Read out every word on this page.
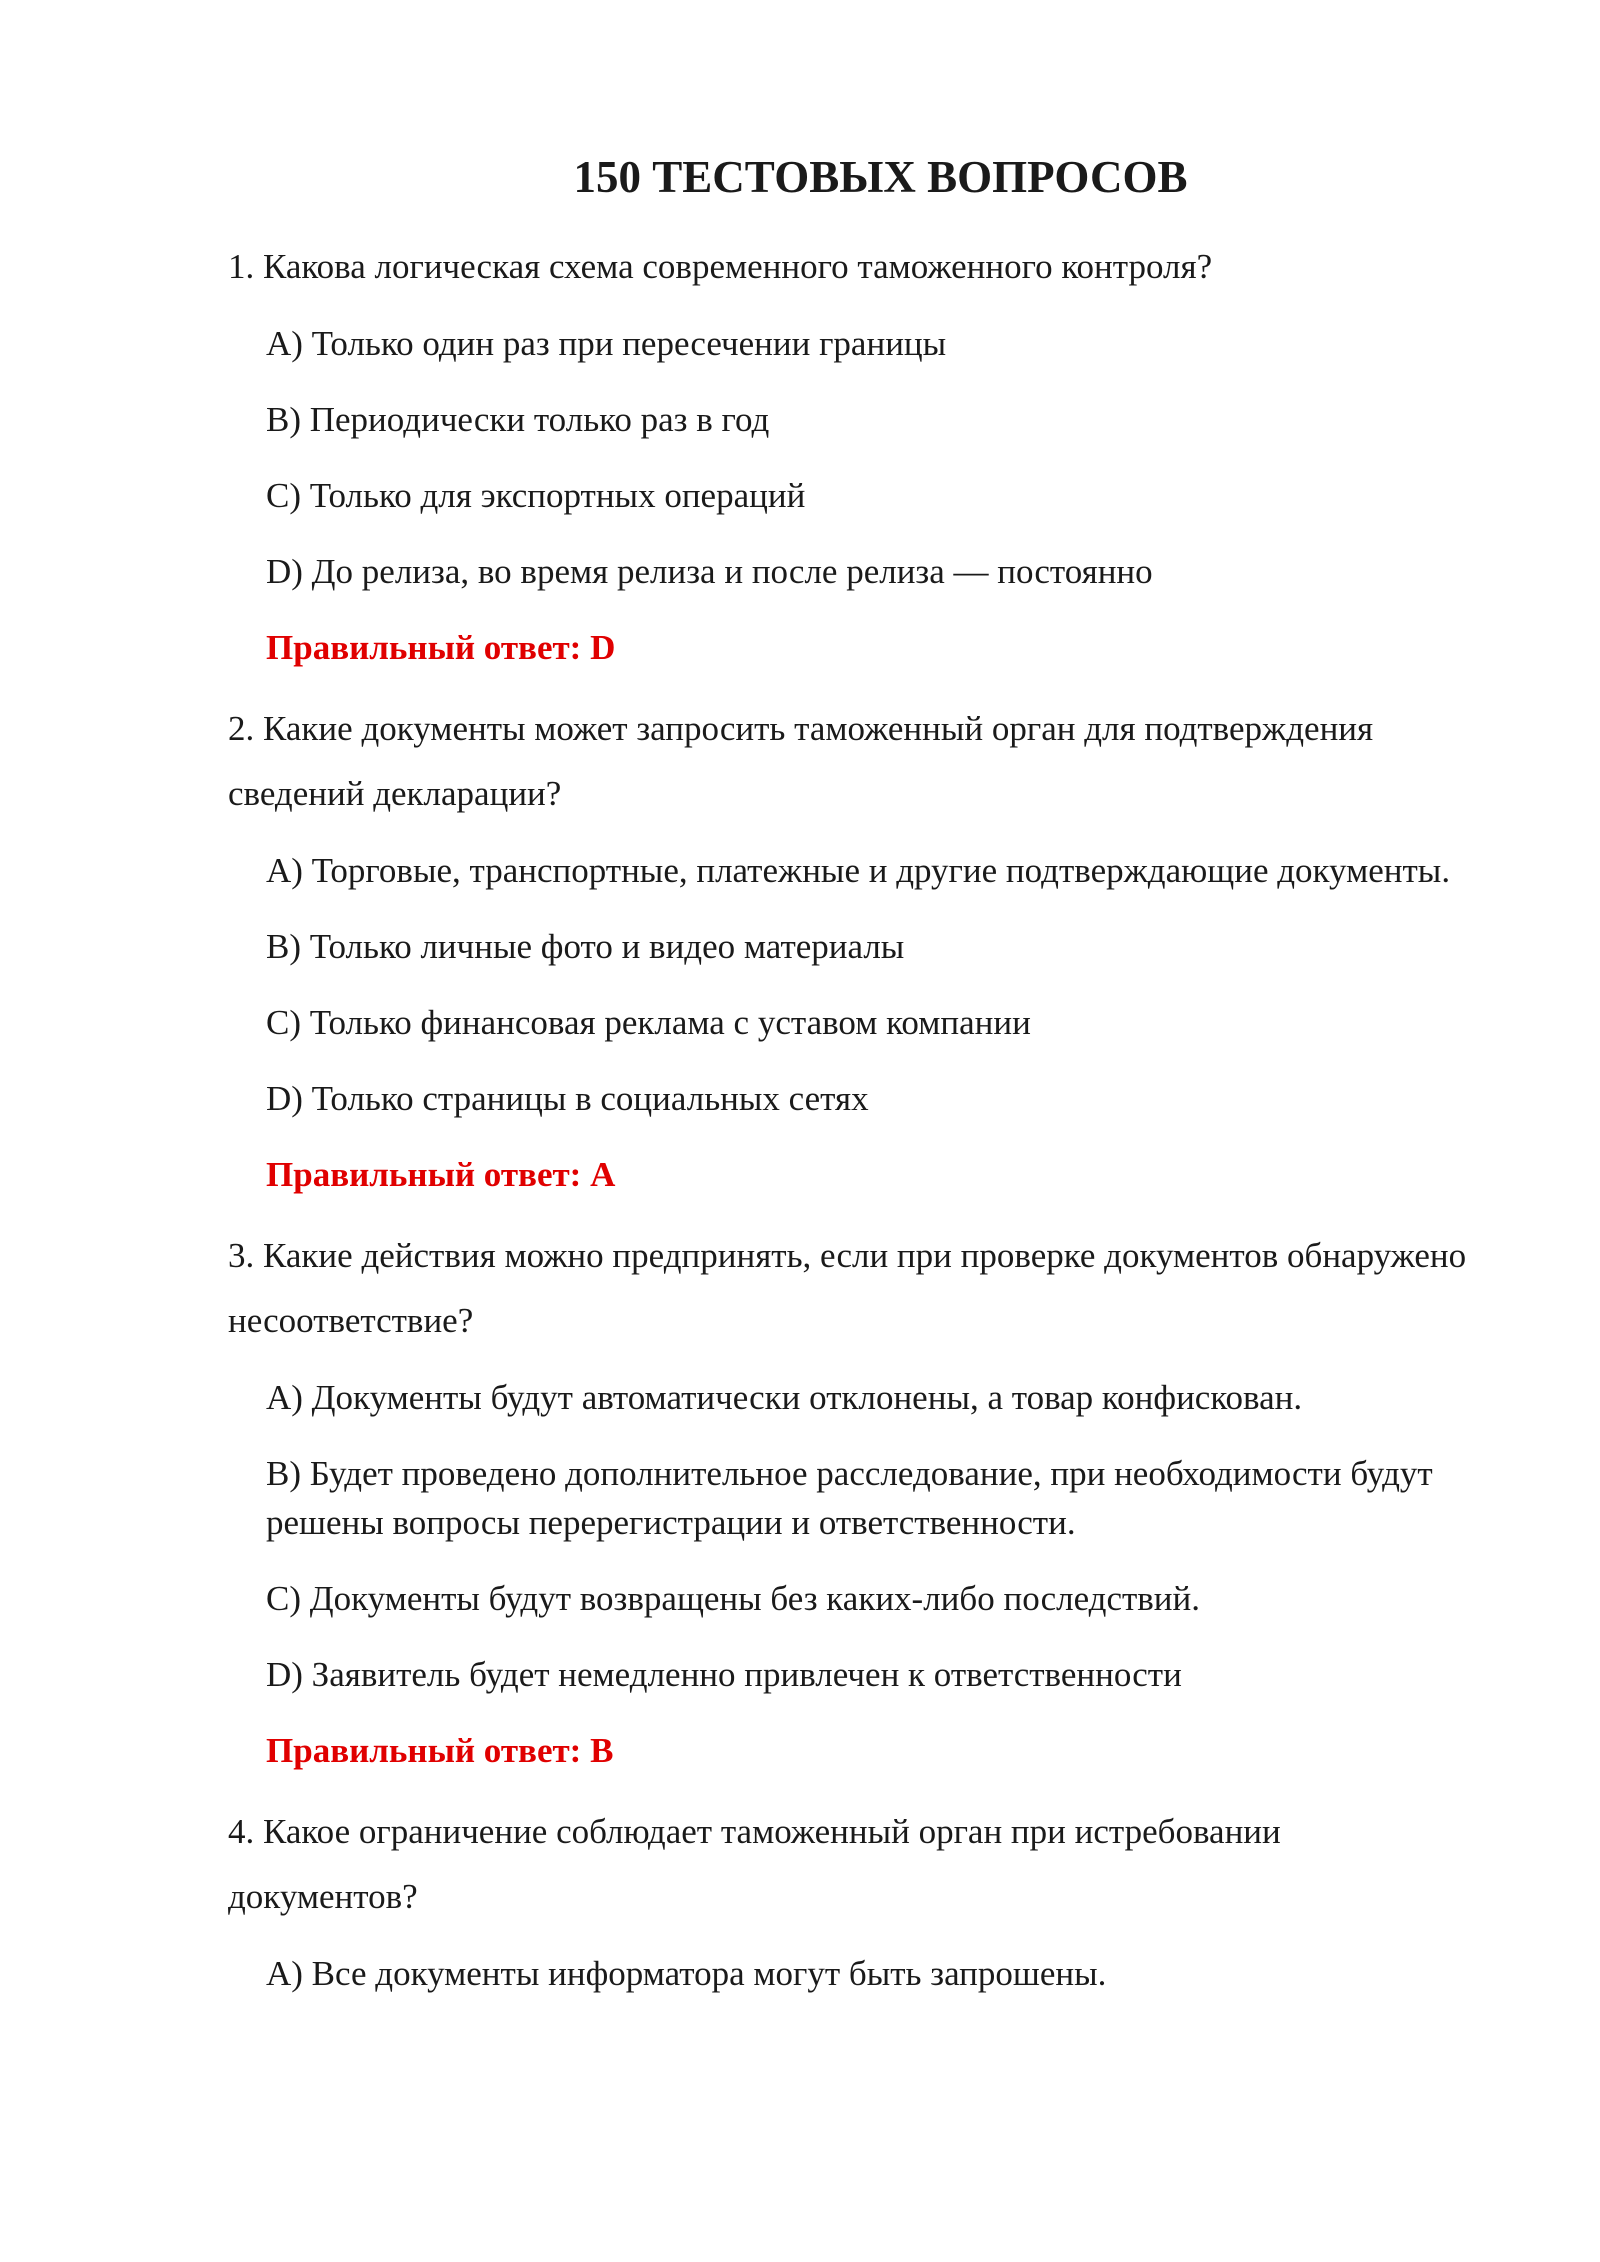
150 ТЕСТОВЫХ ВОПРОСОВ

1. Какова логическая схема современного таможенного контроля?

A) Только один раз при пересечении границы

B) Периодически только раз в год

C) Только для экспортных операций

D) До релиза, во время релиза и после релиза — постоянно

Правильный ответ: D

2. Какие документы может запросить таможенный орган для подтверждения сведений декларации?

A) Торговые, транспортные, платежные и другие подтверждающие документы.

B) Только личные фото и видео материалы

C) Только финансовая реклама с уставом компании

D) Только страницы в социальных сетях

Правильный ответ: A

3. Какие действия можно предпринять, если при проверке документов обнаружено несоответствие?

A) Документы будут автоматически отклонены, а товар конфискован.

B) Будет проведено дополнительное расследование, при необходимости будут решены вопросы перерегистрации и ответственности.

C) Документы будут возвращены без каких-либо последствий.

D) Заявитель будет немедленно привлечен к ответственности

Правильный ответ: B

4. Какое ограничение соблюдает таможенный орган при истребовании документов?

A) Все документы информатора могут быть запрошены.
